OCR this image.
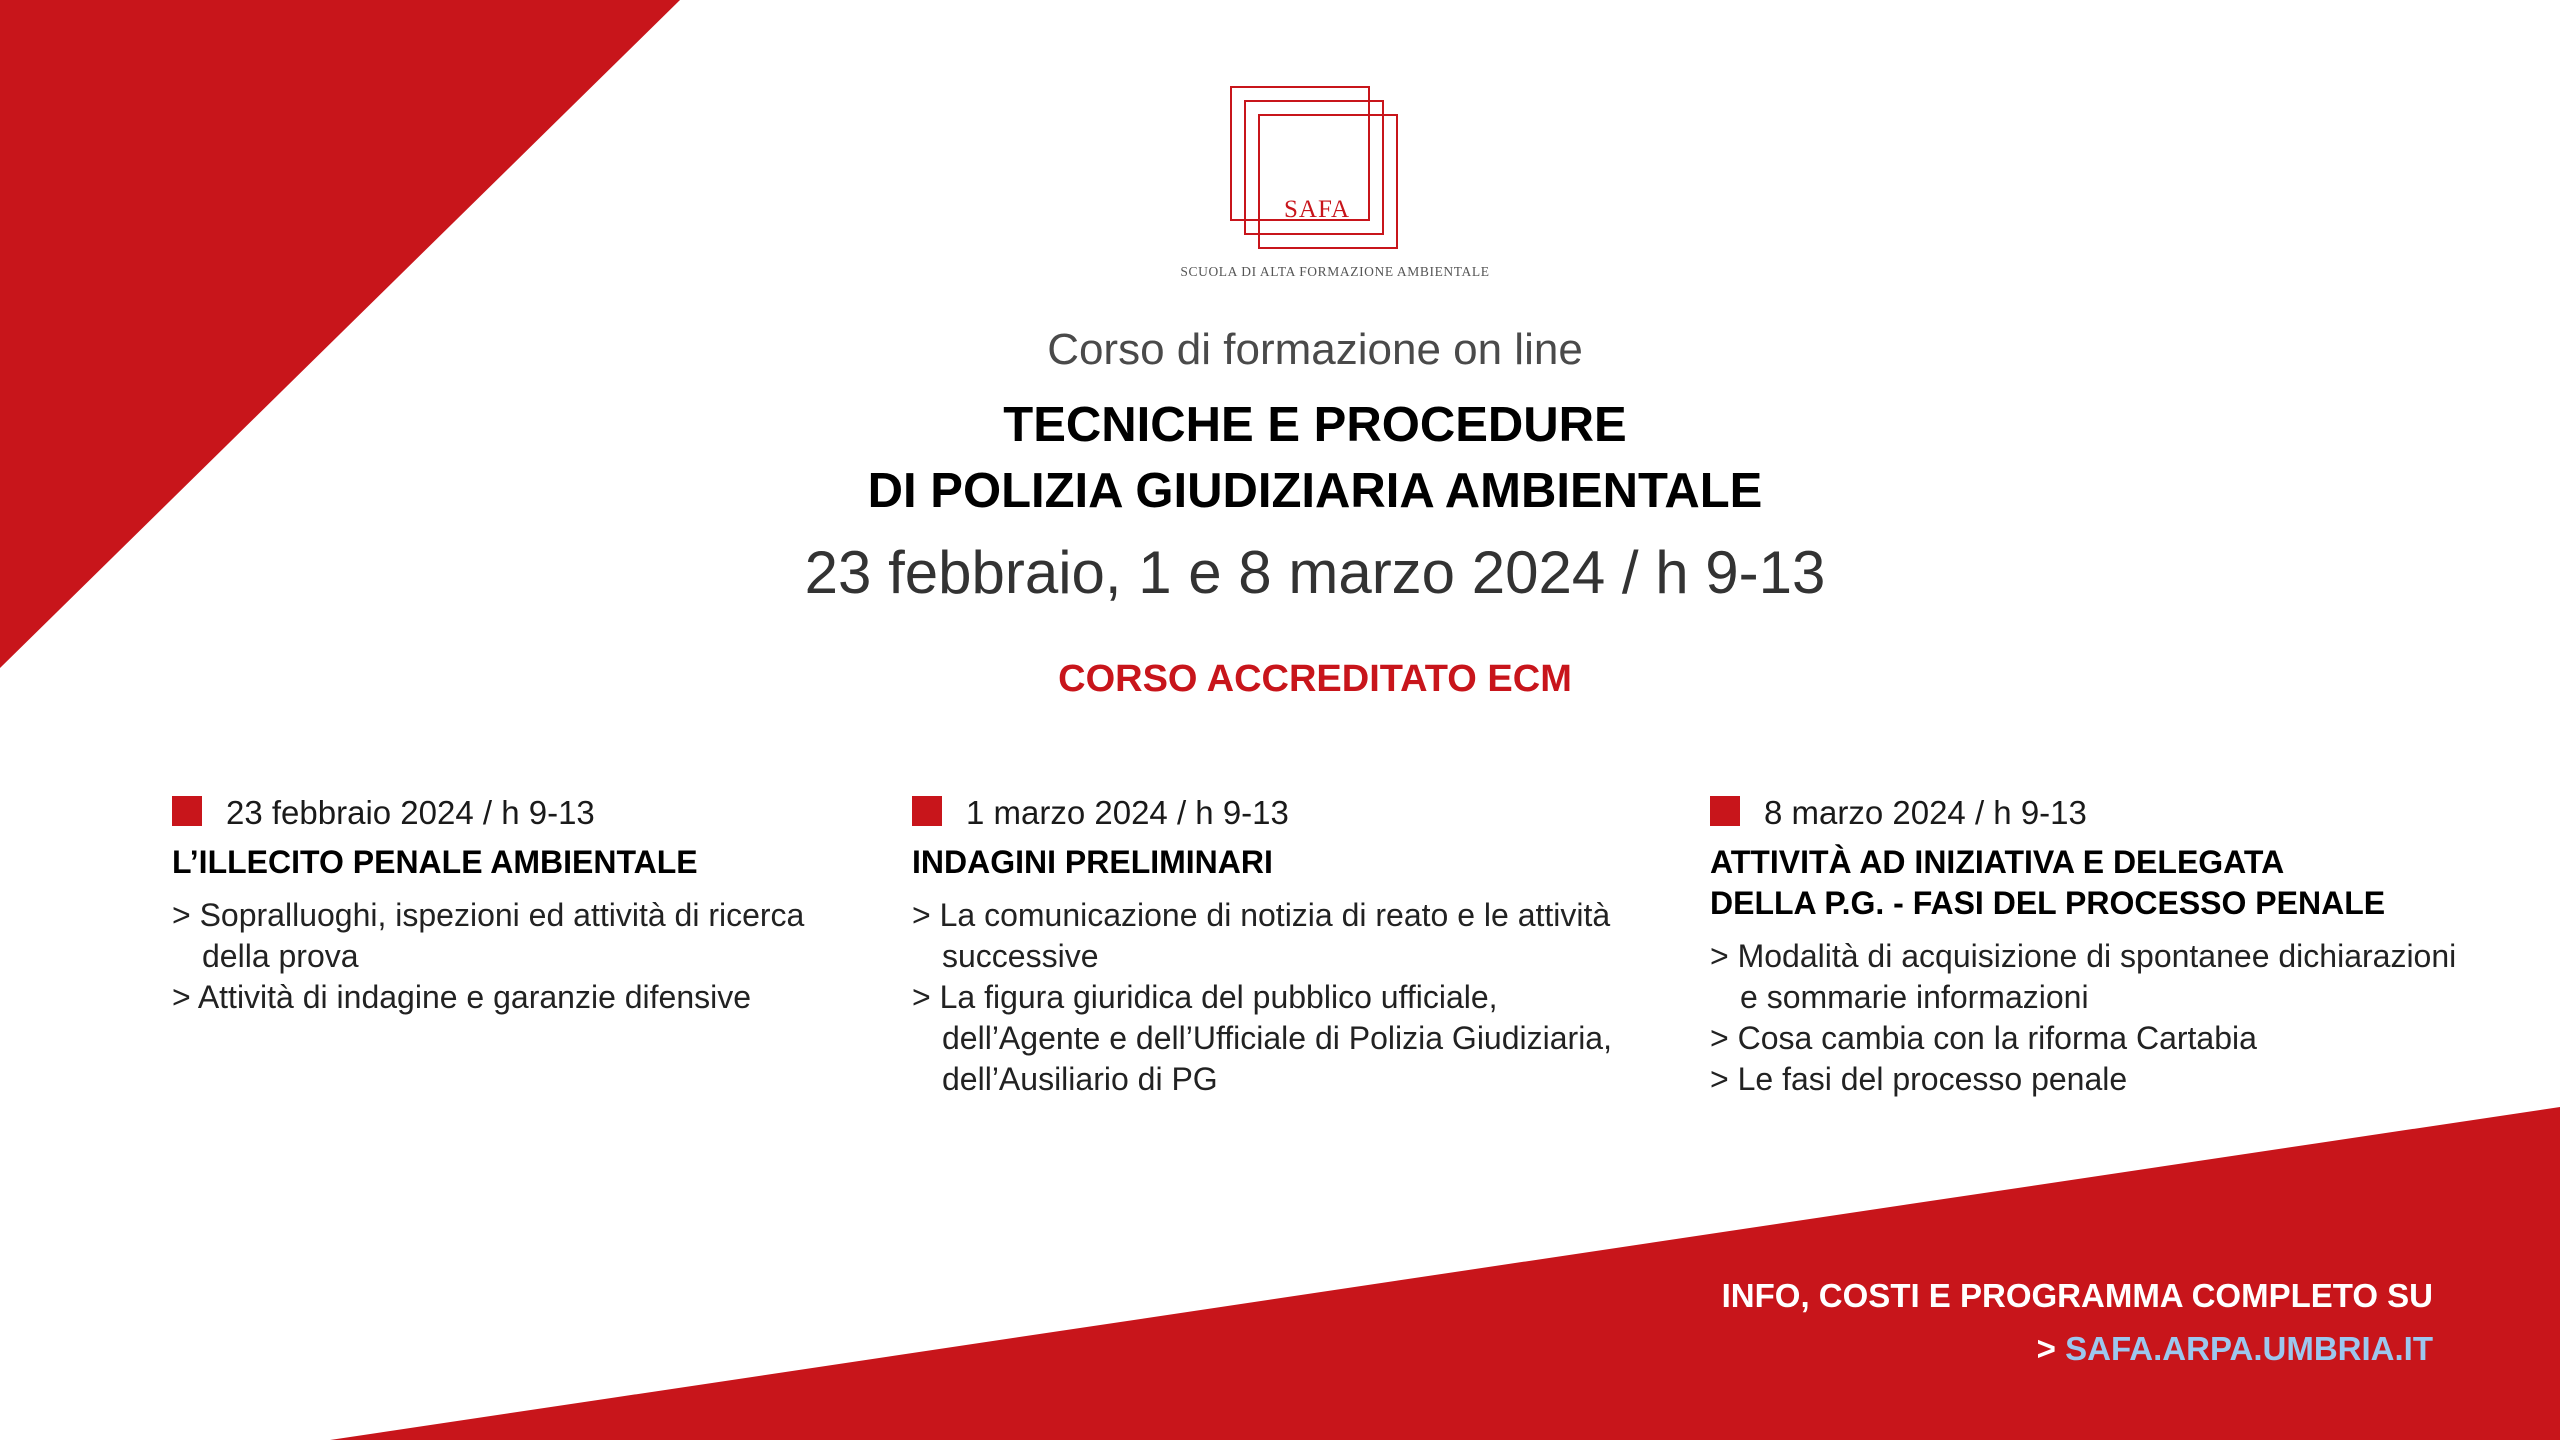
SAFA
SCUOLA DI ALTA FORMAZIONE AMBIENTALE
Corso di formazione on line
TECNICHE E PROCEDURE
DI POLIZIA GIUDIZIARIA AMBIENTALE
23 febbraio, 1 e 8 marzo 2024 / h 9-13
CORSO ACCREDITATO ECM
23 febbraio 2024 / h 9-13
L’ILLECITO PENALE AMBIENTALE
> Sopralluoghi, ispezioni ed attività di ricerca della prova
> Attività di indagine e garanzie difensive
1 marzo 2024 / h 9-13
INDAGINI PRELIMINARI
> La comunicazione di notizia di reato e le attività successive
> La figura giuridica del pubblico ufficiale, dell’Agente e dell’Ufficiale di Polizia Giudiziaria, dell’Ausiliario di PG
8 marzo 2024 / h 9-13
ATTIVITÀ AD INIZIATIVA E DELEGATA
DELLA P.G. - FASI DEL PROCESSO PENALE
> Modalità di acquisizione di spontanee dichiarazioni e sommarie informazioni
> Cosa cambia con la riforma Cartabia
> Le fasi del processo penale
INFO, COSTI E PROGRAMMA COMPLETO SU
> SAFA.ARPA.UMBRIA.IT
